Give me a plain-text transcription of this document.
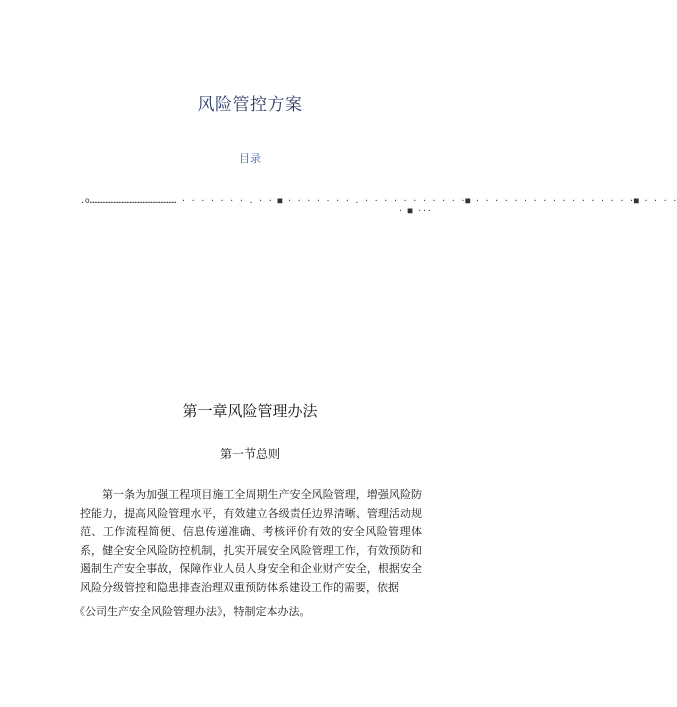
风险管控方案
目录
.o……………………………………………… · · · · · · · . · · ■ · · · · · · · . · · · · · · · · · · ·■ · · · · · · · · · · · · · · · · ·■ · · · ·
· ■ ···
第一章风险管理办法
第一节总则

第一条为加强工程项目施工全周期生产安全风险管理，增强风险防控能力，提高风险管理水平，有效建立各级责任边界清晰、管理活动规范、工作流程简便、信息传递准确、考核评价有效的安全风险管理体系，健全安全风险防控机制，扎实开展安全风险管理工作，有效预防和遏制生产安全事故，保障作业人员人身安全和企业财产安全，根据安全风险分级管控和隐患排查治理双重预防体系建设工作的需要，依据

《公司生产安全风险管理办法》，特制定本办法。
